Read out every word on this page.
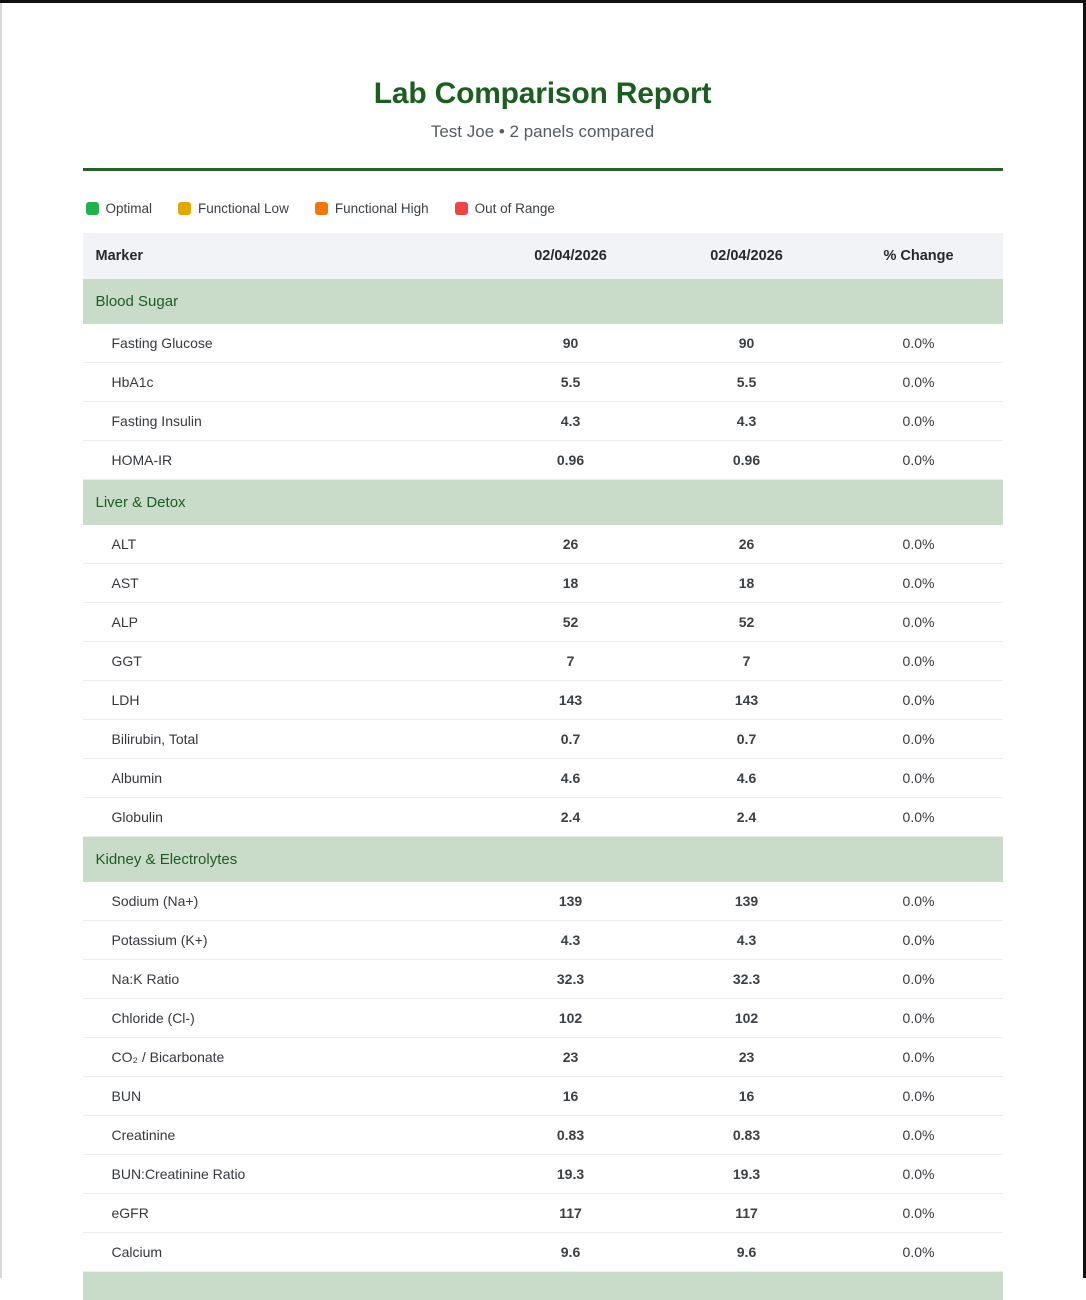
Lab Comparison Report

Test Joe • 2 panels compared

Optimal	Functional Low	Functional High	Out of Range
Marker	02/04/2026	02/04/2026	% Change
Blood Sugar			
Fasting Glucose	90	90	0.0%
HbA1c	5.5	5.5	0.0%
Fasting Insulin	4.3	4.3	0.0%
HOMA-IR	0.96	0.96	0.0%
Liver & Detox			
ALT	26	26	0.0%
AST	18	18	0.0%
ALP	52	52	0.0%
GGT	7	7	0.0%
LDH	143	143	0.0%
Bilirubin, Total	0.7	0.7	0.0%
Albumin	4.6	4.6	0.0%
Globulin	2.4	2.4	0.0%
Kidney & Electrolytes			
Sodium (Na+)	139	139	0.0%
Potassium (K+)	4.3	4.3	0.0%
Na:K Ratio	32.3	32.3	0.0%
Chloride (Cl-)	102	102	0.0%
CO₂ / Bicarbonate	23	23	0.0%
BUN	16	16	0.0%
Creatinine	0.83	0.83	0.0%
BUN:Creatinine Ratio	19.3	19.3	0.0%
eGFR	117	117	0.0%
Calcium	9.6	9.6	0.0%
